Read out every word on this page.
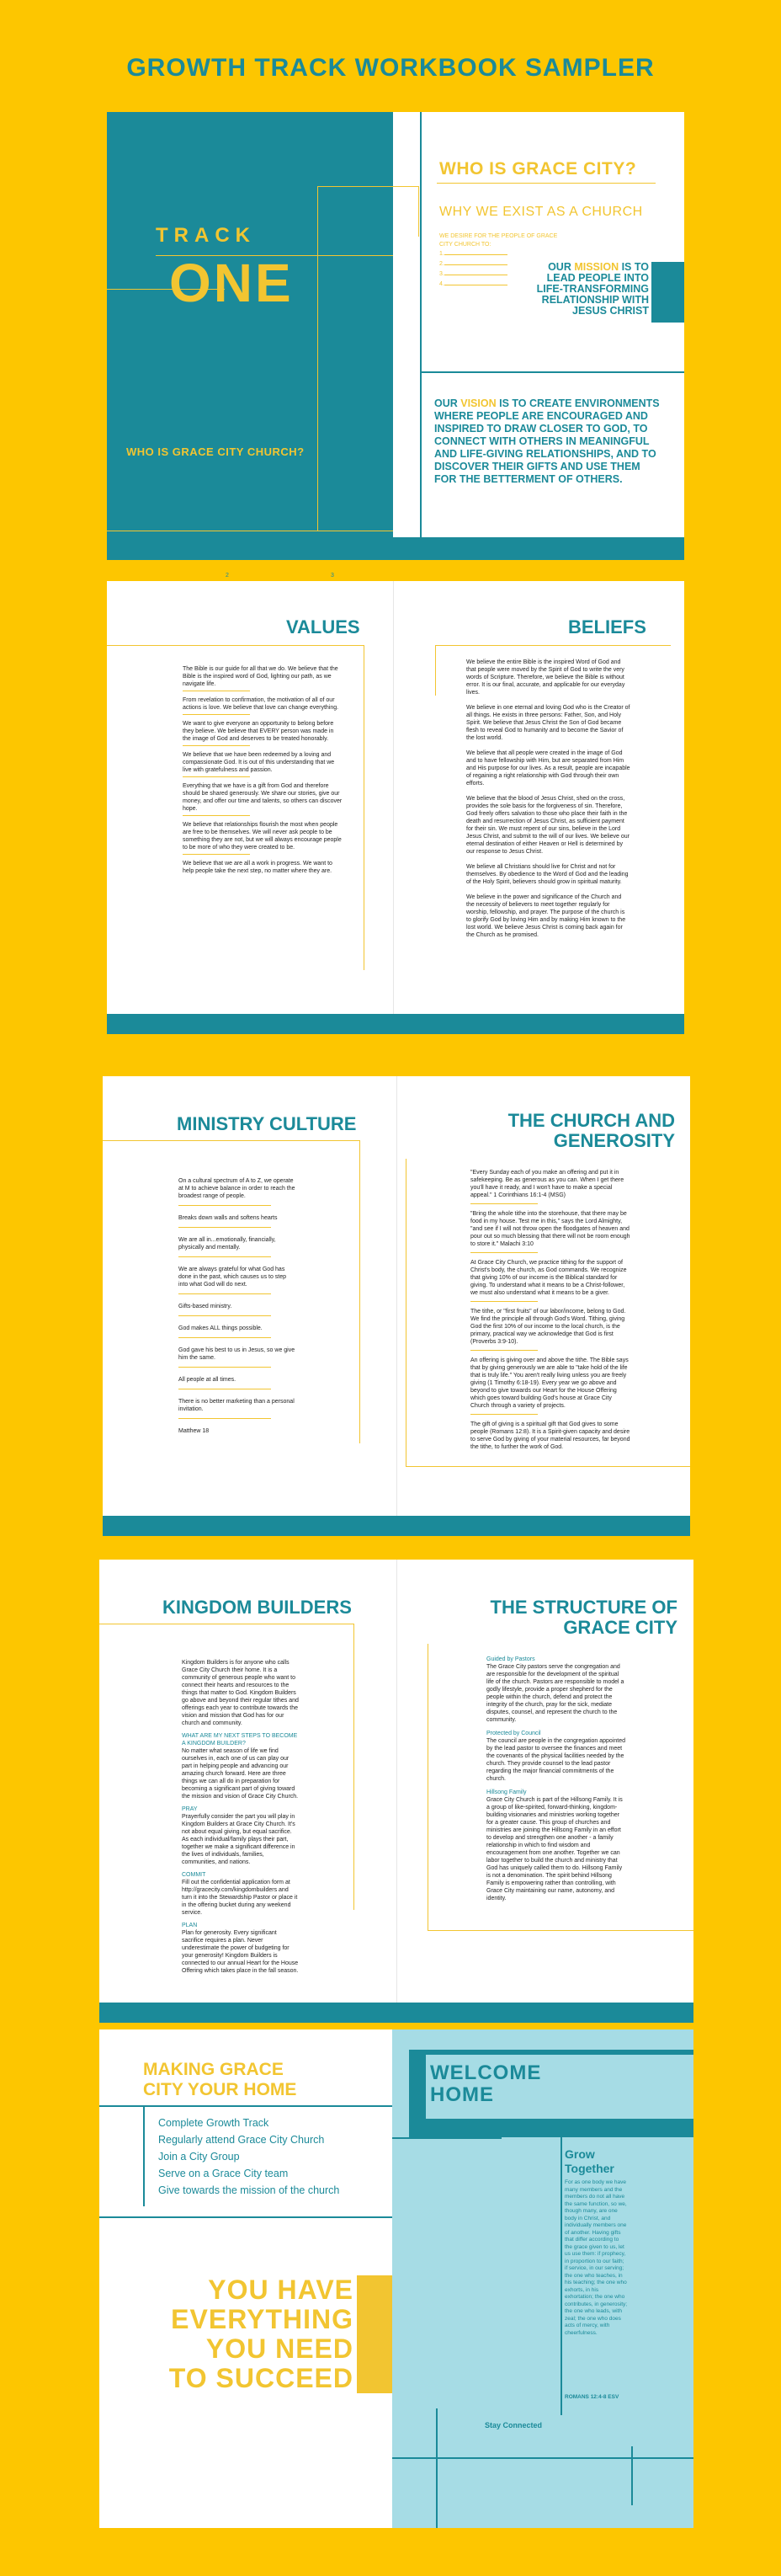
GROWTH TRACK WORKBOOK SAMPLER
TRACK
ONE
WHO IS GRACE CITY CHURCH?
WHO IS GRACE CITY?
WHY WE EXIST AS A CHURCH
WE DESIRE FOR THE PEOPLE OF GRACE CITY CHURCH TO:
1.
2.
3.
4.
OUR MISSION IS TO LEAD PEOPLE INTO LIFE-TRANSFORMING RELATIONSHIP WITH JESUS CHRIST
OUR VISION IS TO CREATE ENVIRONMENTS WHERE PEOPLE ARE ENCOURAGED AND INSPIRED TO DRAW CLOSER TO GOD, TO CONNECT WITH OTHERS IN MEANINGFUL AND LIFE-GIVING RELATIONSHIPS, AND TO DISCOVER THEIR GIFTS AND USE THEM FOR THE BETTERMENT OF OTHERS.
2	3
VALUES	BELIEFS
The Bible is our guide for all that we do. We believe that the Bible is the inspired word of God, lighting our path, as we navigate life.
From revelation to confirmation, the motivation of all of our actions is love. We believe that love can change everything.
We want to give everyone an opportunity to belong before they believe. We believe that EVERY person was made in the image of God and deserves to be treated honorably.
We believe that we have been redeemed by a loving and compassionate God. It is out of this understanding that we live with gratefulness and passion.
Everything that we have is a gift from God and therefore should be shared generously. We share our stories, give our money, and offer our time and talents, so others can discover hope.
We believe that relationships flourish the most when people are free to be themselves. We will never ask people to be something they are not, but we will always encourage people to be more of who they were created to be.
We believe that we are all a work in progress. We want to help people take the next step, no matter where they are.
We believe the entire Bible is the inspired Word of God and that people were moved by the Spirit of God to write the very words of Scripture. Therefore, we believe the Bible is without error. It is our final, accurate, and applicable for our everyday lives.
We believe in one eternal and loving God who is the Creator of all things. He exists in three persons: Father, Son, and Holy Spirit. We believe that Jesus Christ the Son of God became flesh to reveal God to humanity and to become the Savior of the lost world.
We believe that all people were created in the image of God and to have fellowship with Him, but are separated from Him and His purpose for our lives. As a result, people are incapable of regaining a right relationship with God through their own efforts.
We believe that the blood of Jesus Christ, shed on the cross, provides the sole basis for the forgiveness of sin. Therefore, God freely offers salvation to those who place their faith in the death and resurrection of Jesus Christ, as sufficient payment for their sin. We must repent of our sins, believe in the Lord Jesus Christ, and submit to the will of our lives. We believe our eternal destination of either Heaven or Hell is determined by our response to Jesus Christ.
We believe all Christians should live for Christ and not for themselves. By obedience to the Word of God and the leading of the Holy Spirit, believers should grow in spiritual maturity.
We believe in the power and significance of the Church and the necessity of believers to meet together regularly for worship, fellowship, and prayer. The purpose of the church is to glorify God by loving Him and by making Him known to the lost world. We believe Jesus Christ is coming back again for the Church as he promised.
MINISTRY CULTURE	THE CHURCH AND
GENEROSITY
On a cultural spectrum of A to Z, we operate at M to achieve balance in order to reach the broadest range of people.
Breaks down walls and softens hearts
We are all in...emotionally, financially, physically and mentally.
We are always grateful for what God has done in the past, which causes us to step into what God will do next.
Gifts-based ministry.
God makes ALL things possible.
God gave his best to us in Jesus, so we give him the same.
All people at all times.
There is no better marketing than a personal invitation.
Matthew 18
"Every Sunday each of you make an offering and put it in safekeeping. Be as generous as you can. When I get there you'll have it ready, and I won't have to make a special appeal." 1 Corinthians 16:1-4 (MSG)
"Bring the whole tithe into the storehouse, that there may be food in my house. Test me in this," says the Lord Almighty, "and see if I will not throw open the floodgates of heaven and pour out so much blessing that there will not be room enough to store it." Malachi 3:10
At Grace City Church, we practice tithing for the support of Christ's body, the church, as God commands. We recognize that giving 10% of our income is the Biblical standard for giving. To understand what it means to be a Christ-follower, we must also understand what it means to be a giver.
The tithe, or "first fruits" of our labor/income, belong to God. We find the principle all through God's Word. Tithing, giving God the first 10% of our income to the local church, is the primary, practical way we acknowledge that God is first (Proverbs 3:9-10).
An offering is giving over and above the tithe. The Bible says that by giving generously we are able to "take hold of the life that is truly life." You aren't really living unless you are freely giving (1 Timothy 6:18-19). Every year we go above and beyond to give towards our Heart for the House Offering which goes toward building God's house at Grace City Church through a variety of projects.
The gift of giving is a spiritual gift that God gives to some people (Romans 12:8). It is a Spirit-given capacity and desire to serve God by giving of your material resources, far beyond the tithe, to further the work of God.
KINGDOM BUILDERS	THE STRUCTURE OF
GRACE CITY
Kingdom Builders is for anyone who calls Grace City Church their home. It is a community of generous people who want to connect their hearts and resources to the things that matter to God. Kingdom Builders go above and beyond their regular tithes and offerings each year to contribute towards the vision and mission that God has for our church and community.
WHAT ARE MY NEXT STEPS TO BECOME A KINGDOM BUILDER?
No matter what season of life we find ourselves in, each one of us can play our part in helping people and advancing our amazing church forward. Here are three things we can all do in preparation for becoming a significant part of giving toward the mission and vision of Grace City Church.
PRAY
Prayerfully consider the part you will play in Kingdom Builders at Grace City Church. It's not about equal giving, but equal sacrifice. As each individual/family plays their part, together we make a significant difference in the lives of individuals, families, communities, and nations.
COMMIT
Fill out the confidential application form at http://gracecity.com/kingdombuilders and turn it into the Stewardship Pastor or place it in the offering bucket during any weekend service.
PLAN
Plan for generosity. Every significant sacrifice requires a plan. Never underestimate the power of budgeting for your generosity! Kingdom Builders is connected to our annual Heart for the House Offering which takes place in the fall season.
Guided by Pastors
The Grace City pastors serve the congregation and are responsible for the development of the spiritual life of the church. Pastors are responsible to model a godly lifestyle, provide a proper shepherd for the people within the church, defend and protect the integrity of the church, pray for the sick, mediate disputes, counsel, and represent the church to the community.
Protected by Council
The council are people in the congregation appointed by the lead pastor to oversee the finances and meet the covenants of the physical facilities needed by the church. They provide counsel to the lead pastor regarding the major financial commitments of the church.
Hillsong Family
Grace City Church is part of the Hillsong Family. It is a group of like-spirited, forward-thinking, kingdom-building visionaries and ministries working together for a greater cause. This group of churches and ministries are joining the Hillsong Family in an effort to develop and strengthen one another - a family relationship in which to find wisdom and encouragement from one another. Together we can labor together to build the church and ministry that God has uniquely called them to do. Hillsong Family is not a denomination. The spirit behind Hillsong Family is empowering rather than controlling, with Grace City maintaining our name, autonomy, and identity.
WELCOME
HOME
Grow
Together
For as one body we have many members and the members do not all have the same function, so we, though many, are one body in Christ, and individually members one of another. Having gifts that differ according to the grace given to us, let us use them: if prophecy, in proportion to our faith; if service, in our serving; the one who teaches, in his teaching; the one who exhorts, in his exhortation; the one who contributes, in generosity; the one who leads, with zeal; the one who does acts of mercy, with cheerfulness.
ROMANS 12:4-8 ESV
Stay Connected
MAKING GRACE
CITY YOUR HOME
Complete Growth Track
Regularly attend Grace City Church
Join a City Group
Serve on a Grace City team
Give towards the mission of the church
YOU HAVE
EVERYTHING
YOU NEED
TO SUCCEED
